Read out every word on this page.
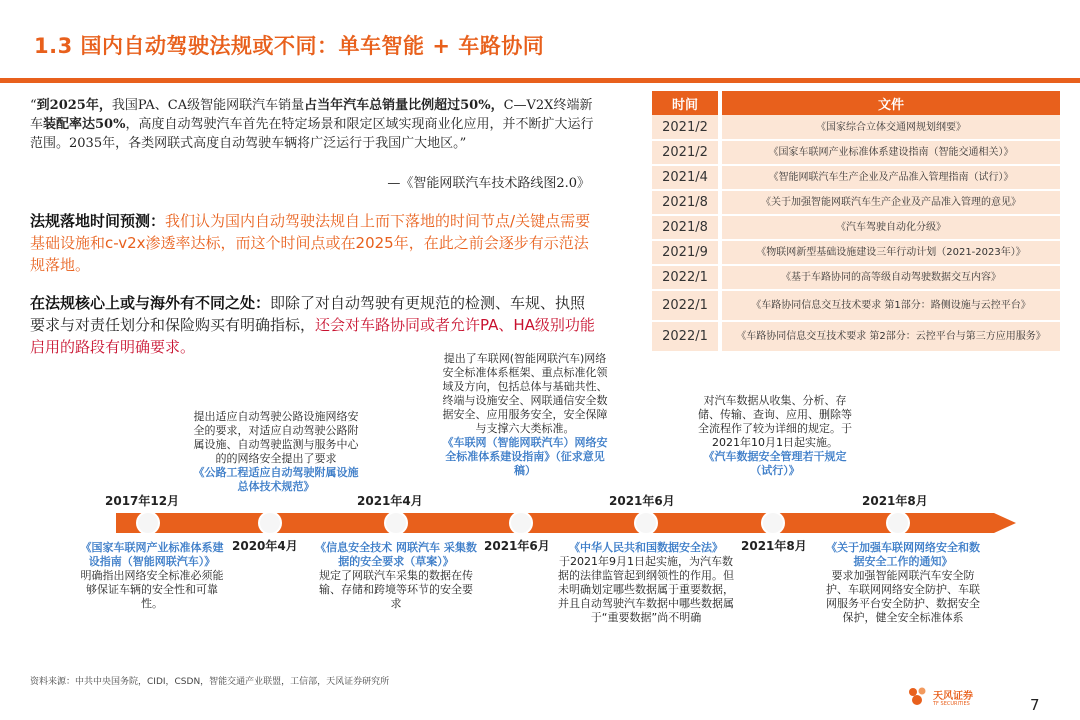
1.3 国内自动驾驶法规或不同：单车智能 + 车路协同
“到2025年，我国PA、CA级智能网联汽车销量占当年汽车总销量比例超过50%，C—V2X终端新车装配率达50%，高度自动驾驶汽车首先在特定场景和限定区域实现商业化应用，并不断扩大运行范围。2035年，各类网联式高度自动驾驶车辆将广泛运行于我国广大地区。”
—《智能网联汽车技术路线图2.0》
法规落地时间预测：我们认为国内自动驾驶法规自上而下落地的时间节点/关键点需要基础设施和c-v2x渗透率达标，而这个时间点或在2025年，在此之前会逐步有示范法规落地。
在法规核心上或与海外有不同之处：即除了对自动驾驶有更规范的检测、车规、执照要求与对责任划分和保险购买有明确指标，还会对车路协同或者允许PA、HA级别功能启用的路段有明确要求。
时间	文件
2021/2	《国家综合立体交通网规划纲要》
2021/2	《国家车联网产业标准体系建设指南（智能交通相关）》
2021/4	《智能网联汽车生产企业及产品准入管理指南（试行）》
2021/8	《关于加强智能网联汽车生产企业及产品准入管理的意见》
2021/8	《汽车驾驶自动化分级》
2021/9	《物联网新型基础设施建设三年行动计划（2021-2023年）》
2022/1	《基于车路协同的高等级自动驾驶数据交互内容》
2022/1	《车路协同信息交互技术要求 第1部分：路侧设施与云控平台》
2022/1	《车路协同信息交互技术要求 第2部分：云控平台与第三方应用服务》
2017年12月	2021年4月	2021年6月	2021年8月
2020年4月	2021年6月	2021年8月
提出适应自动驾驶公路设施网络安全的要求，对适应自动驾驶公路附属设施、自动驾驶监测与服务中心的的网络安全提出了要求
《公路工程适应自动驾驶附属设施总体技术规范》
提出了车联网(智能网联汽车)网络安全标准体系框架、重点标准化领域及方向，包括总体与基础共性、终端与设施安全、网联通信安全数据安全、应用服务安全，安全保障与支撑六大类标准。
《车联网（智能网联汽车）网络安全标准体系建设指南》（征求意见稿）
对汽车数据从收集、分析、存储、传输、查询、应用、删除等全流程作了较为详细的规定。于2021年10月1日起实施。
《汽车数据安全管理若干规定（试行）》
《国家车联网产业标准体系建设指南（智能网联汽车）》
明确指出网络安全标准必须能够保证车辆的安全性和可靠性。
《信息安全技术 网联汽车 采集数据的安全要求（草案）》
规定了网联汽车采集的数据在传输、存储和跨境等环节的安全要求
《中华人民共和国数据安全法》
于2021年9月1日起实施，为汽车数据的法律监管起到纲领性的作用。但未明确划定哪些数据属于重要数据，并且自动驾驶汽车数据中哪些数据属于“重要数据”尚不明确
《关于加强车联网网络安全和数据安全工作的通知》
要求加强智能网联汽车安全防护、车联网网络安全防护、车联网服务平台安全防护、数据安全保护，健全安全标准体系
资料来源：中共中央国务院，CIDI，CSDN，智能交通产业联盟，工信部，天风证券研究所
天风证券
TF SECURITIES	7
